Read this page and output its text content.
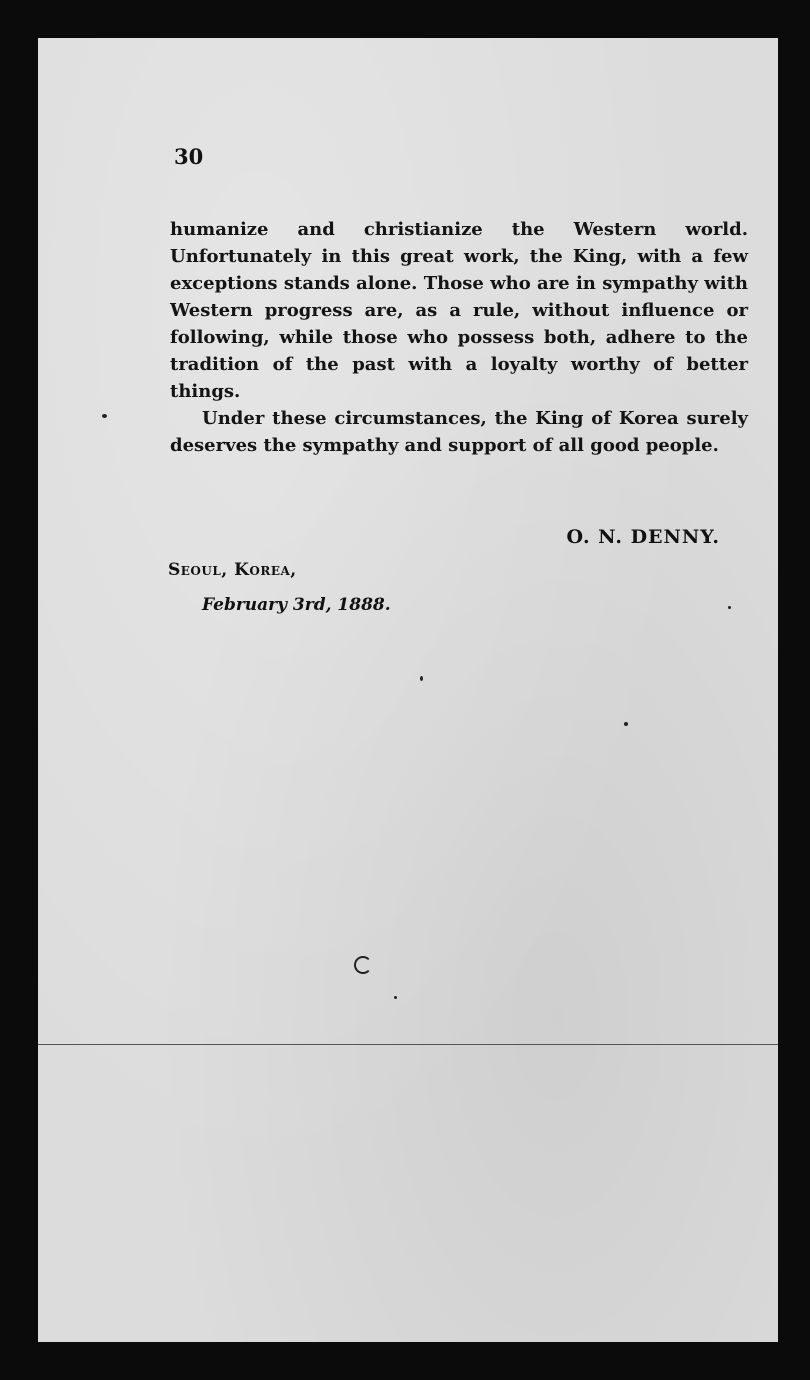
30

humanize and christianize the Western world. Unfortunately in this great work, the King, with a few exceptions stands alone. Those who are in sympathy with Western progress are, as a rule, without influence or following, while those who possess both, adhere to the tradition of the past with a loyalty worthy of better things.

Under these circumstances, the King of Korea surely deserves the sympathy and support of all good people.

O. N. DENNY.
Seoul, Korea,
February 3rd, 1888.
